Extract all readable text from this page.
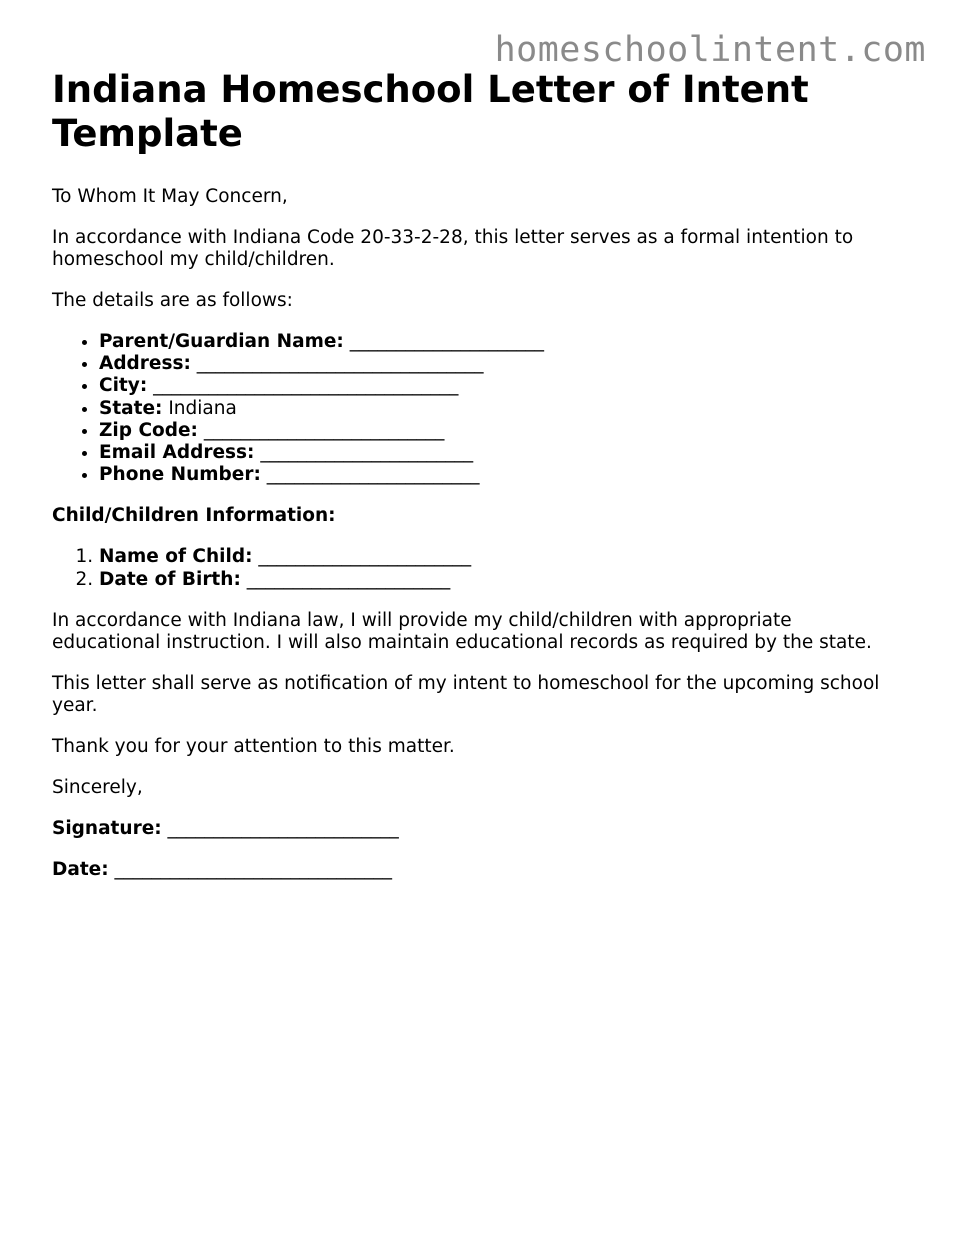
homeschoolintent.com
Indiana Homeschool Letter of Intent Template

To Whom It May Concern,

In accordance with Indiana Code 20-33-2-28, this letter serves as a formal intention to homeschool my child/children.

The details are as follows:

• Parent/Guardian Name: _____________________
• Address: _______________________________
• City: _________________________________
• State: Indiana
• Zip Code: __________________________
• Email Address: _______________________
• Phone Number: _______________________

Child/Children Information:

1. Name of Child: _______________________
2. Date of Birth: ______________________

In accordance with Indiana law, I will provide my child/children with appropriate educational instruction. I will also maintain educational records as required by the state.

This letter shall serve as notification of my intent to homeschool for the upcoming school year.

Thank you for your attention to this matter.

Sincerely,

Signature: _________________________

Date: ______________________________
